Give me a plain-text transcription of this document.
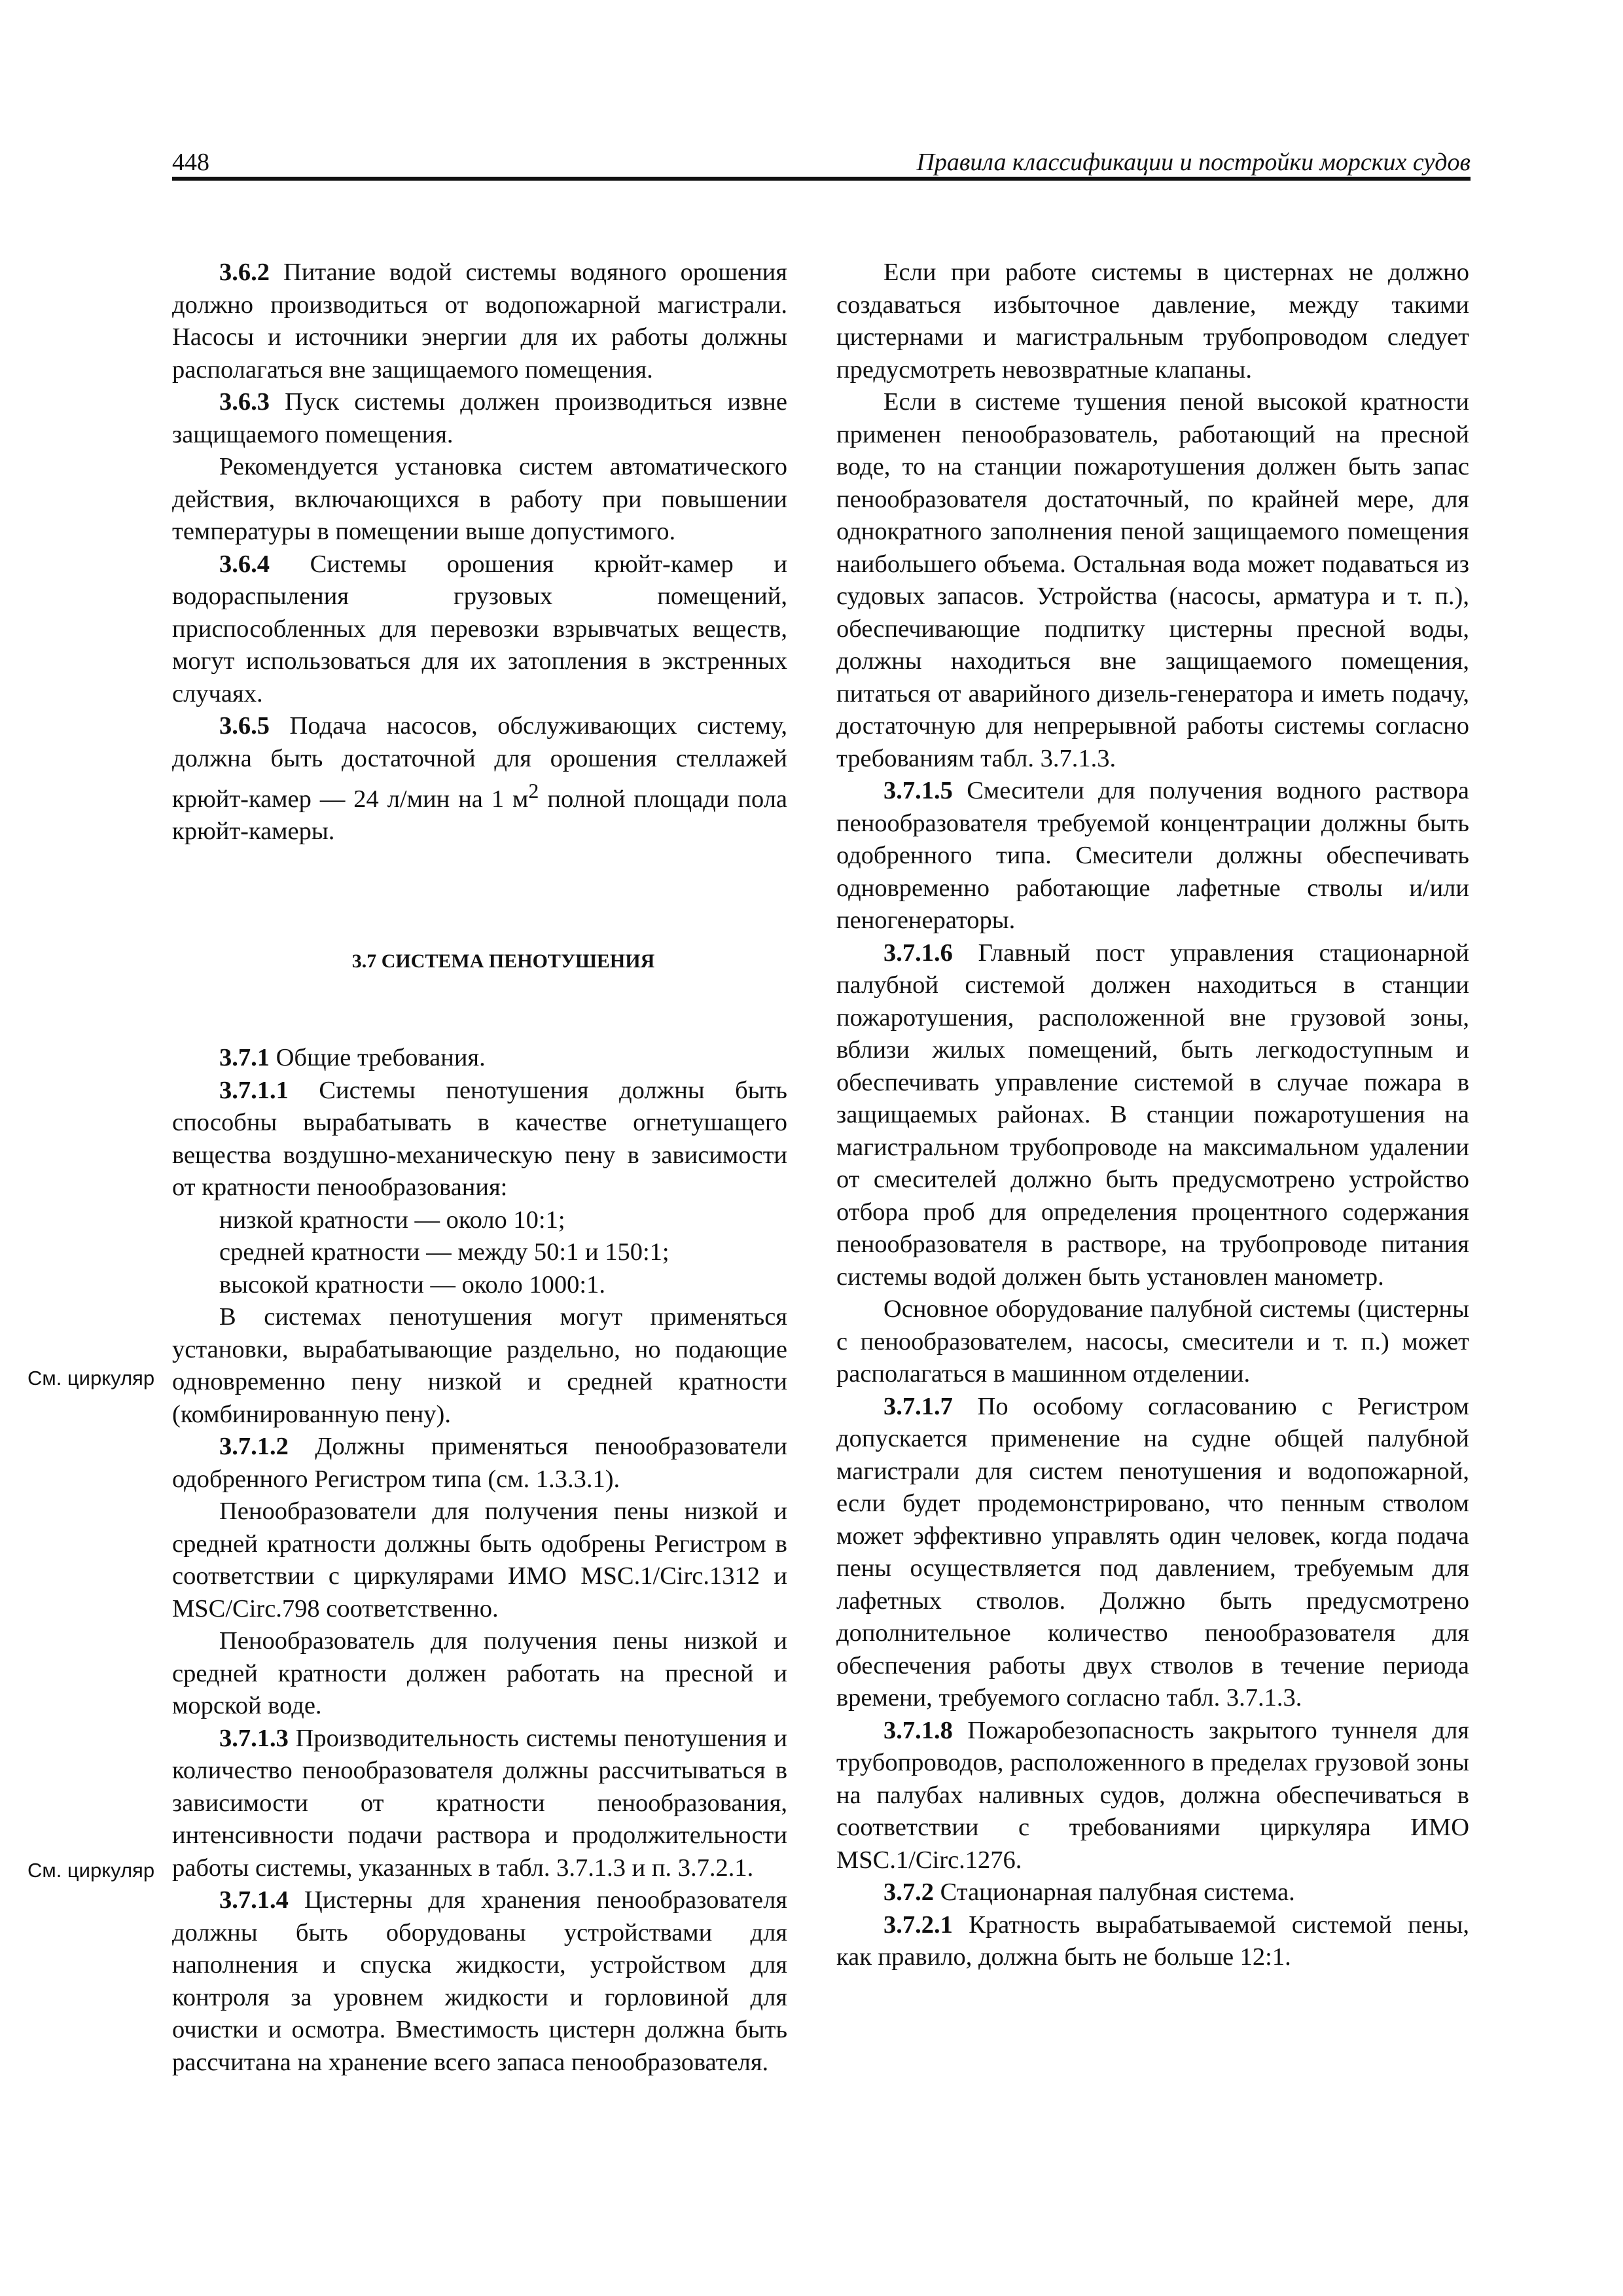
448	Правила классификации и постройки морских судов
См. циркуляр
См. циркуляр

3.6.2 Питание водой системы водяного орошения должно производиться от водопожарной магистрали. Насосы и источники энергии для их работы должны располагаться вне защищаемого помещения.

3.6.3 Пуск системы должен производиться извне защищаемого помещения.

Рекомендуется установка систем автоматического действия, включающихся в работу при повышении температуры в помещении выше допустимого.

3.6.4 Системы орошения крюйт-камер и водораспыления грузовых помещений, приспособленных для перевозки взрывчатых веществ, могут использоваться для их затопления в экстренных случаях.

3.6.5 Подача насосов, обслуживающих систему, должна быть достаточной для орошения стеллажей крюйт-камер — 24 л/мин на 1 $м^2$ полной площади пола крюйт-камеры.

3.7 СИСТЕМА ПЕНОТУШЕНИЯ

3.7.1 Общие требования.

3.7.1.1 Системы пенотушения должны быть способны вырабатывать в качестве огнетушащего вещества воздушно-механическую пену в зависимости от кратности пенообразования:

низкой кратности — около 10:1;

средней кратности — между 50:1 и 150:1;

высокой кратности — около 1000:1.

В системах пенотушения могут применяться установки, вырабатывающие раздельно, но подающие одновременно пену низкой и средней кратности (комбинированную пену).

3.7.1.2 Должны применяться пенообразователи одобренного Регистром типа (см. 1.3.3.1).

Пенообразователи для получения пены низкой и средней кратности должны быть одобрены Регистром в соответствии с циркулярами ИМО MSC.1/Circ.1312 и MSC/Circ.798 соответственно.

Пенообразователь для получения пены низкой и средней кратности должен работать на пресной и морской воде.

3.7.1.3 Производительность системы пенотушения и количество пенообразователя должны рассчитываться в зависимости от кратности пенообразования, интенсивности подачи раствора и продолжительности работы системы, указанных в табл. 3.7.1.3 и п. 3.7.2.1.

3.7.1.4 Цистерны для хранения пенообразователя должны быть оборудованы устройствами для наполнения и спуска жидкости, устройством для контроля за уровнем жидкости и горловиной для очистки и осмотра. Вместимость цистерн должна быть рассчитана на хранение всего запаса пенообразователя.

Если при работе системы в цистернах не должно создаваться избыточное давление, между такими цистернами и магистральным трубопроводом следует предусмотреть невозвратные клапаны.

Если в системе тушения пеной высокой кратности применен пенообразователь, работающий на пресной воде, то на станции пожаротушения должен быть запас пенообразователя достаточный, по крайней мере, для однократного заполнения пеной защищаемого помещения наибольшего объема. Остальная вода может подаваться из судовых запасов. Устройства (насосы, арматура и т. п.), обеспечивающие подпитку цистерны пресной воды, должны находиться вне защищаемого помещения, питаться от аварийного дизель-генератора и иметь подачу, достаточную для непрерывной работы системы согласно требованиям табл. 3.7.1.3.

3.7.1.5 Смесители для получения водного раствора пенообразователя требуемой концентрации должны быть одобренного типа. Смесители должны обеспечивать одновременно работающие лафетные стволы и/или пеногенераторы.

3.7.1.6 Главный пост управления стационарной палубной системой должен находиться в станции пожаротушения, расположенной вне грузовой зоны, вблизи жилых помещений, быть легкодоступным и обеспечивать управление системой в случае пожара в защищаемых районах. В станции пожаротушения на магистральном трубопроводе на максимальном удалении от смесителей должно быть предусмотрено устройство отбора проб для определения процентного содержания пенообразователя в растворе, на трубопроводе питания системы водой должен быть установлен манометр.

Основное оборудование палубной системы (цистерны с пенообразователем, насосы, смесители и т. п.) может располагаться в машинном отделении.

3.7.1.7 По особому согласованию с Регистром допускается применение на судне общей палубной магистрали для систем пенотушения и водопожарной, если будет продемонстрировано, что пенным стволом может эффективно управлять один человек, когда подача пены осуществляется под давлением, требуемым для лафетных стволов. Должно быть предусмотрено дополнительное количество пенообразователя для обеспечения работы двух стволов в течение периода времени, требуемого согласно табл. 3.7.1.3.

3.7.1.8 Пожаробезопасность закрытого туннеля для трубопроводов, расположенного в пределах грузовой зоны на палубах наливных судов, должна обеспечиваться в соответствии с требованиями циркуляра ИМО MSC.1/Circ.1276.

3.7.2 Стационарная палубная система.

3.7.2.1 Кратность вырабатываемой системой пены, как правило, должна быть не больше 12:1.
